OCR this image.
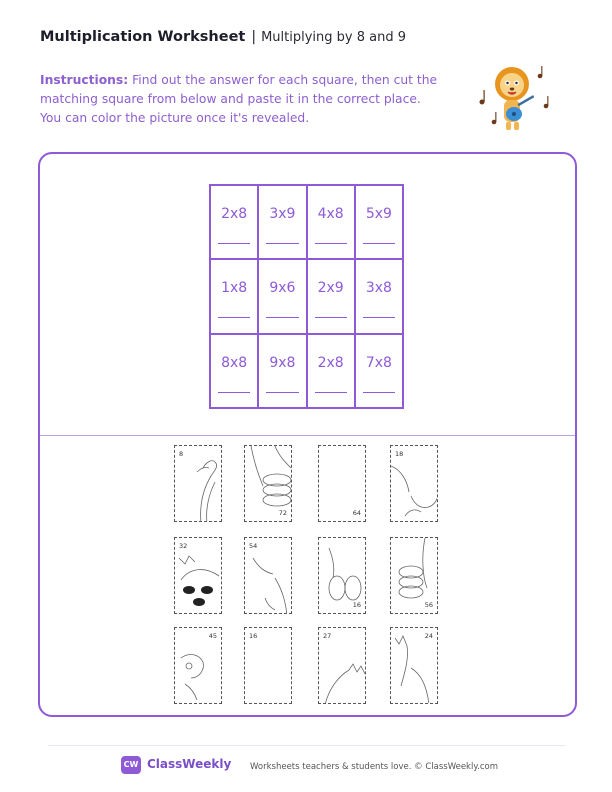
Multiplication Worksheet | Multiplying by 8 and 9
Instructions: Find out the answer for each square, then cut the matching square from below and paste it in the correct place. You can color the picture once it's revealed.
2x8	3x9	4x8	5x9
1x8	9x6	2x9	3x8
8x8	9x8	2x8	7x8
8
72	64
18
32	54
16	56
45	16	27	24
CW ClassWeekly Worksheets teachers & students love. © ClassWeekly.com
